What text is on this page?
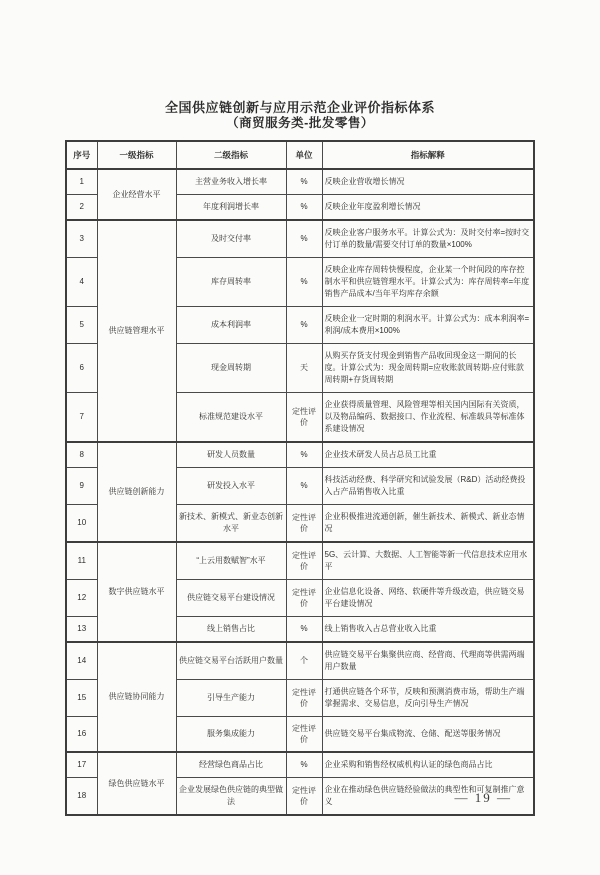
全国供应链创新与应用示范企业评价指标体系
（商贸服务类-批发零售）
序号	一级指标	二级指标	单位	指标解释
1	企业经营水平	主营业务收入增长率	%	反映企业营收增长情况
2		年度利润增长率	%	反映企业年度盈利增长情况
3	供应链管理水平	及时交付率	%	反映企业客户服务水平。计算公式为：及时交付率=按时交付订单的数量/需要交付订单的数量×100%
4		库存周转率	%	反映企业库存周转快慢程度，企业某一个时间段的库存控制水平和供应链管理水平。计算公式为：库存周转率=年度销售产品成本/当年平均库存余额
5		成本利润率	%	反映企业一定时期的利润水平。计算公式为：成本利润率=利润/成本费用×100%
6		现金周转期	天	从购买存货支付现金到销售产品收回现金这一期间的长度。计算公式为：现金周转期=应收账款周转期-应付账款周转期+存货周转期
7		标准规范建设水平	定性评价	企业获得质量管理、风险管理等相关国内国际有关资质，以及物品编码、数据接口、作业流程、标准载具等标准体系建设情况
8	供应链创新能力	研发人员数量	%	企业技术研发人员占总员工比重
9		研发投入水平	%	科技活动经费、科学研究和试验发展（R&D）活动经费投入占产品销售收入比重
10		新技术、新模式、新业态创新水平	定性评价	企业积极推进流通创新，催生新技术、新模式、新业态情况
11	数字供应链水平	“上云用数赋智”水平	定性评价	5G、云计算、大数据、人工智能等新一代信息技术应用水平
12		供应链交易平台建设情况	定性评价	企业信息化设备、网络、软硬件等升级改造，供应链交易平台建设情况
13		线上销售占比	%	线上销售收入占总营业收入比重
14	供应链协同能力	供应链交易平台活跃用户数量	个	供应链交易平台集聚供应商、经营商、代理商等供需两端用户数量
15		引导生产能力	定性评价	打通供应链各个环节，反映和预测消费市场，帮助生产端掌握需求、交易信息，反向引导生产情况
16		服务集成能力	定性评价	供应链交易平台集成物流、仓储、配送等服务情况
17	绿色供应链水平	经营绿色商品占比	%	企业采购和销售经权威机构认证的绿色商品占比
18		企业发展绿色供应链的典型做法	定性评价	企业在推动绿色供应链经验做法的典型性和可复制推广意义	— 19 —
